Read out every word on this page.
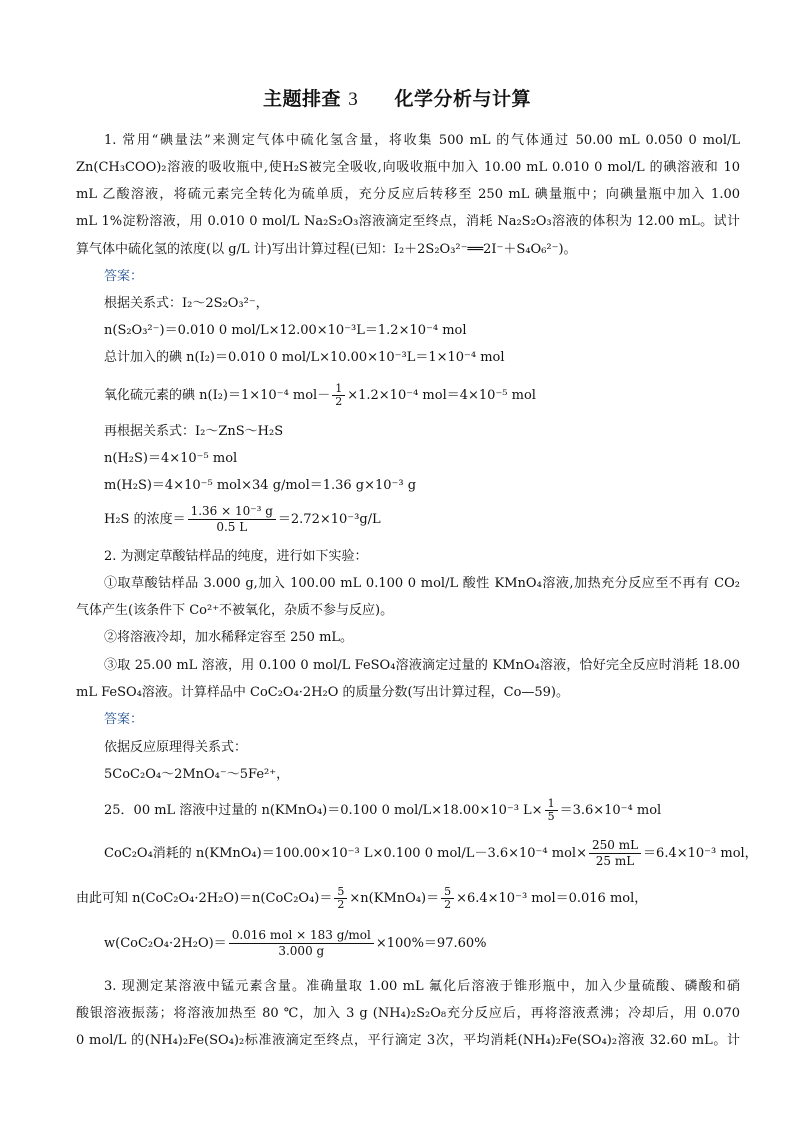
主题排查 3 化学分析与计算
1. 常用“碘量法”来测定气体中硫化氢含量，将收集 500 mL 的气体通过 50.00 mL 0.050 0 mol/L
Zn(CH₃COO)₂溶液的吸收瓶中,使H₂S被完全吸收,向吸收瓶中加入 10.00 mL 0.010 0 mol/L 的碘溶液和 10
mL 乙酸溶液，将硫元素完全转化为硫单质，充分反应后转移至 250 mL 碘量瓶中；向碘量瓶中加入 1.00
mL 1%淀粉溶液，用 0.010 0 mol/L Na₂S₂O₃溶液滴定至终点，消耗 Na₂S₂O₃溶液的体积为 12.00 mL。试计
算气体中硫化氢的浓度(以 g/L 计)写出计算过程(已知：I₂＋2S₂O₃²⁻══2I⁻＋S₄O₆²⁻)。
答案：
根据关系式：I₂～2S₂O₃²⁻，
n(S₂O₃²⁻)＝0.010 0 mol/L×12.00×10⁻³L＝1.2×10⁻⁴ mol
总计加入的碘 n(I₂)＝0.010 0 mol/L×10.00×10⁻³L＝1×10⁻⁴ mol
氧化硫元素的碘 n(I₂)＝1×10⁻⁴ $mol- \frac{1}{2} \times 1.2\times 10^{-4}$ mol＝4×10⁻⁵ mol
再根据关系式：I₂～ZnS～H₂S
n(H₂S)＝4×10⁻⁵ mol
m(H₂S)＝4×10⁻⁵ mol×34 g/mol＝1.36 g×10⁻³ g
H₂S 的浓度＝ $\frac{\text{1.36 × 10⁻³ g}}{0.5 L} =2.72\times 10^{-3}g/L$
2. 为测定草酸钴样品的纯度，进行如下实验：
①取草酸钴样品 3.000 g,加入 100.00 mL 0.100 0 mol/L 酸性 KMnO₄溶液,加热充分反应至不再有 CO₂
气体产生(该条件下 Co²⁺不被氧化，杂质不参与反应)。
②将溶液冷却，加水稀释定容至 250 mL。
③取 25.00 mL 溶液，用 0.100 0 mol/L FeSO₄溶液滴定过量的 KMnO₄溶液，恰好完全反应时消耗 18.00
mL FeSO₄溶液。计算样品中 CoC₂O₄·2H₂O 的质量分数(写出计算过程，Co—59)。
答案：
依据反应原理得关系式：
5CoC₂O₄～2MnO₄⁻～5Fe²⁺，
25．00 mL 溶液中过量的 n(KMnO₄)＝0.100 0 mol/L×18.00×10⁻³ $L\times \frac{1}{5} =3.6\times 10^{-4}$ mol
CoC₂O₄消耗的 n(KMnO₄)＝100.00×10⁻³ L×0.100 0 mol/L－3.6×10⁻⁴ $mol\times \frac{250 mL}{25 mL} =6.4\times 10^{-3}$ mol，
由此可知 $n(CoC_2O_4\cdot 2H_2O)=n(CoC_2O_4)= \frac{5}{2}$ ×n(KMnO₄)＝ $\frac{5}{2} \times 6.4\times 10^{-3}$ mol＝0.016 mol，
$w(CoC_2O_4\cdot 2H_2O)= \frac{\text{0.016 mol × 183 g/mol}}{3.000 g} \times 100\%=97.60\%$
3. 现测定某溶液中锰元素含量。准确量取 1.00 mL 氟化后溶液于锥形瓶中，加入少量硫酸、磷酸和硝
酸银溶液振荡；将溶液加热至 80 ℃，加入 3 g (NH₄)₂S₂O₈充分反应后，再将溶液煮沸；冷却后，用 0.070
0 mol/L 的(NH₄)₂Fe(SO₄)₂标准液滴定至终点，平行滴定 3次，平均消耗(NH₄)₂Fe(SO₄)₂溶液 32.60 mL。计
